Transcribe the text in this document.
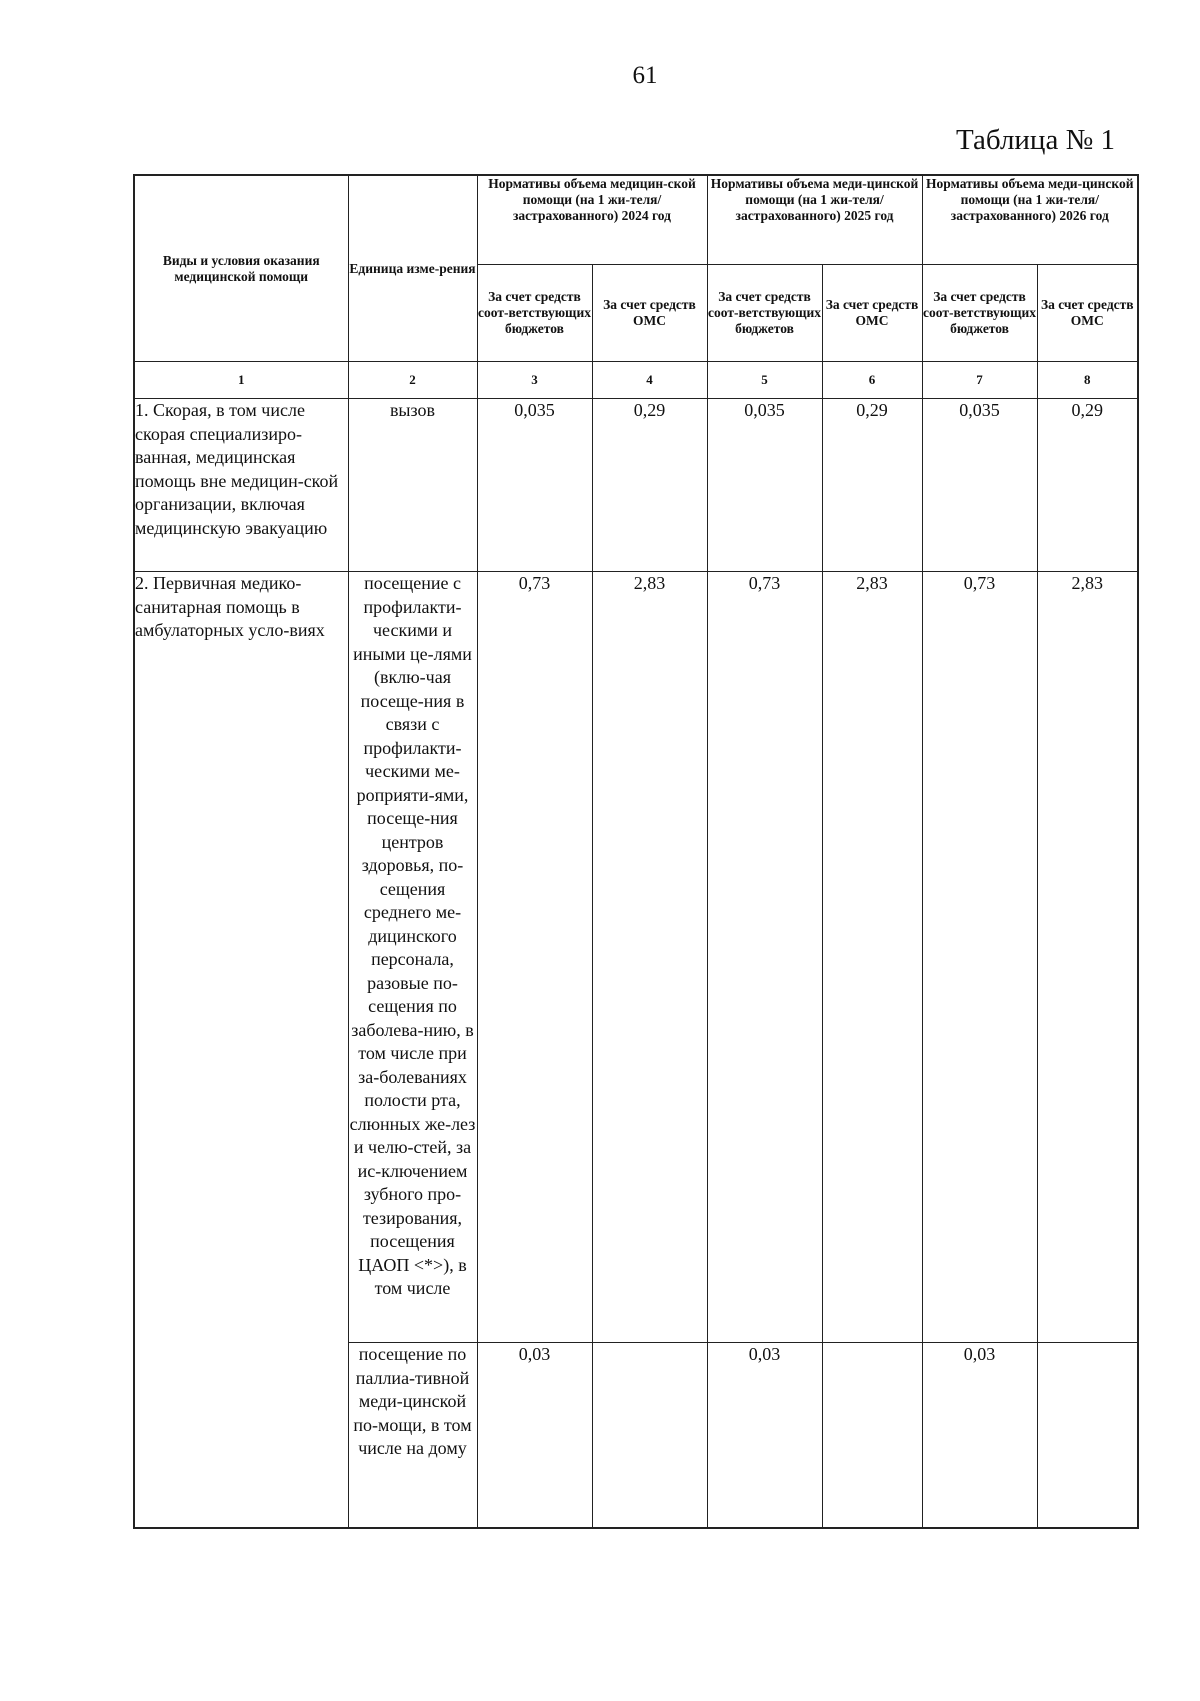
61
Таблица № 1
Виды и условия оказания медицинской помощи	Единица изме-рения	Нормативы объема медицин-ской помощи (на 1 жи-теля/застрахованного) 2024 год		Нормативы объема меди-цинской помощи (на 1 жи-теля/застрахованного) 2025 год		Нормативы объема меди-цинской помощи (на 1 жи-теля/застрахованного) 2026 год	
		За счет средств соот-ветствующих бюджетов	За счет средств ОМС	За счет средств соот-ветствующих бюджетов	За счет средств ОМС	За счет средств соот-ветствующих бюджетов	За счет средств ОМС
1	2	3	4	5	6	7	8
1. Скорая, в том числе скорая специализиро-ванная, медицинская помощь вне медицин-ской организации, включая медицинскую эвакуацию	вызов	0,035	0,29	0,035	0,29	0,035	0,29
2. Первичная медико-санитарная помощь в амбулаторных усло-виях	посещение с профилакти-ческими и иными це-лями (вклю-чая посеще-ния в связи с профилакти-ческими ме-роприяти-ями, посеще-ния центров здоровья, по-сещения среднего ме-дицинского персонала, разовые по-сещения по заболева-нию, в том числе при за-болеваниях полости рта, слюнных же-лез и челю-стей, за ис-ключением зубного про-тезирования, посещения ЦАОП <*>), в том числе	0,73	2,83	0,73	2,83	0,73	2,83
	посещение по паллиа-тивной меди-цинской по-мощи, в том числе на дому	0,03		0,03		0,03	
